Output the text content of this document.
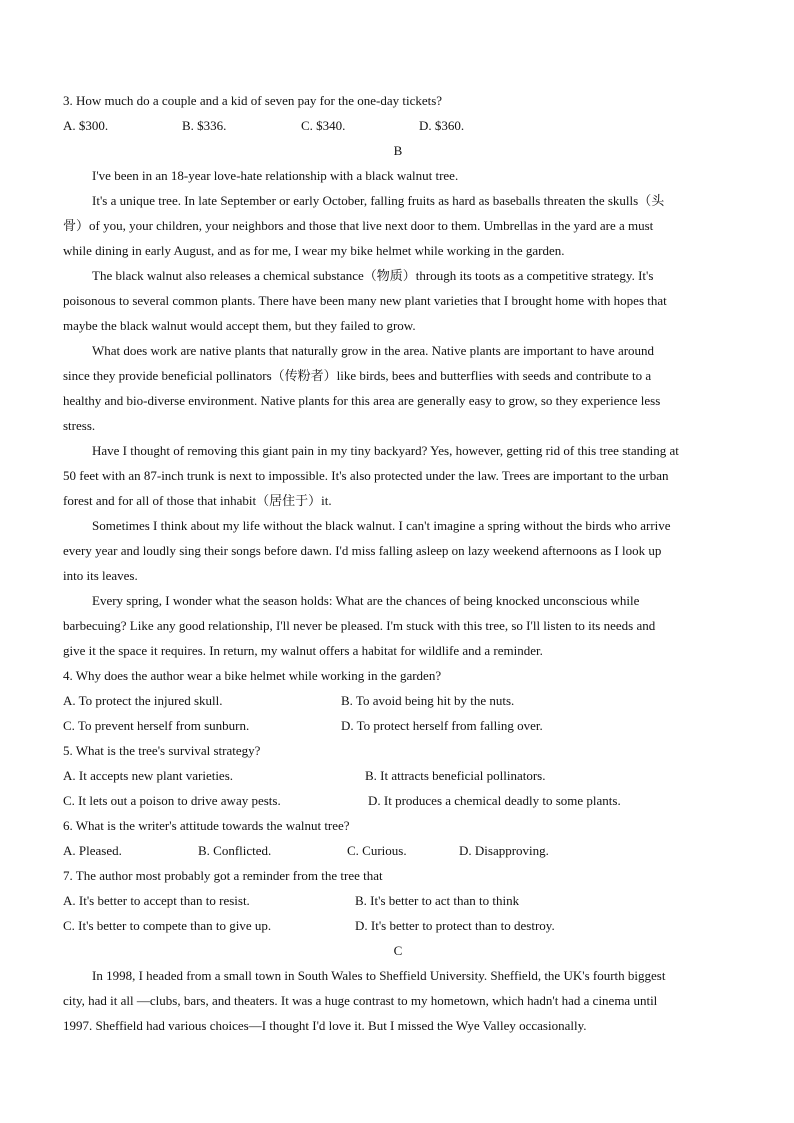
3. How much do a couple and a kid of seven pay for the one-day tickets?
A. $300.	B. $336.	C. $340.	D. $360.
B
I've been in an 18-year love-hate relationship with a black walnut tree.
It's a unique tree. In late September or early October, falling fruits as hard as baseballs threaten the skulls（头
骨）of you, your children, your neighbors and those that live next door to them. Umbrellas in the yard are a must
while dining in early August, and as for me, I wear my bike helmet while working in the garden.
The black walnut also releases a chemical substance（物质）through its toots as a competitive strategy. It's
poisonous to several common plants. There have been many new plant varieties that I brought home with hopes that
maybe the black walnut would accept them, but they failed to grow.
What does work are native plants that naturally grow in the area. Native plants are important to have around
since they provide beneficial pollinators（传粉者）like birds, bees and butterflies with seeds and contribute to a
healthy and bio-diverse environment. Native plants for this area are generally easy to grow, so they experience less
stress.
Have I thought of removing this giant pain in my tiny backyard? Yes, however, getting rid of this tree standing at
50 feet with an 87-inch trunk is next to impossible. It's also protected under the law. Trees are important to the urban
forest and for all of those that inhabit（居住于）it.
Sometimes I think about my life without the black walnut. I can't imagine a spring without the birds who arrive
every year and loudly sing their songs before dawn. I'd miss falling asleep on lazy weekend afternoons as I look up
into its leaves.
Every spring, I wonder what the season holds: What are the chances of being knocked unconscious while
barbecuing? Like any good relationship, I'll never be pleased. I'm stuck with this tree, so I'll listen to its needs and
give it the space it requires. In return, my walnut offers a habitat for wildlife and a reminder.
4. Why does the author wear a bike helmet while working in the garden?
A. To protect the injured skull.	B. To avoid being hit by the nuts.
C. To prevent herself from sunburn.	D. To protect herself from falling over.
5. What is the tree's survival strategy?
A. It accepts new plant varieties.	B. It attracts beneficial pollinators.
C. It lets out a poison to drive away pests.	D. It produces a chemical deadly to some plants.
6. What is the writer's attitude towards the walnut tree?
A. Pleased.	B. Conflicted.	C. Curious.	D. Disapproving.
7. The author most probably got a reminder from the tree that
A. It's better to accept than to resist.	B. It's better to act than to think
C. It's better to compete than to give up.	D. It's better to protect than to destroy.
C
In 1998, I headed from a small town in South Wales to Sheffield University. Sheffield, the UK's fourth biggest
city, had it all —clubs, bars, and theaters. It was a huge contrast to my hometown, which hadn't had a cinema until
1997. Sheffield had various choices—I thought I'd love it. But I missed the Wye Valley occasionally.
